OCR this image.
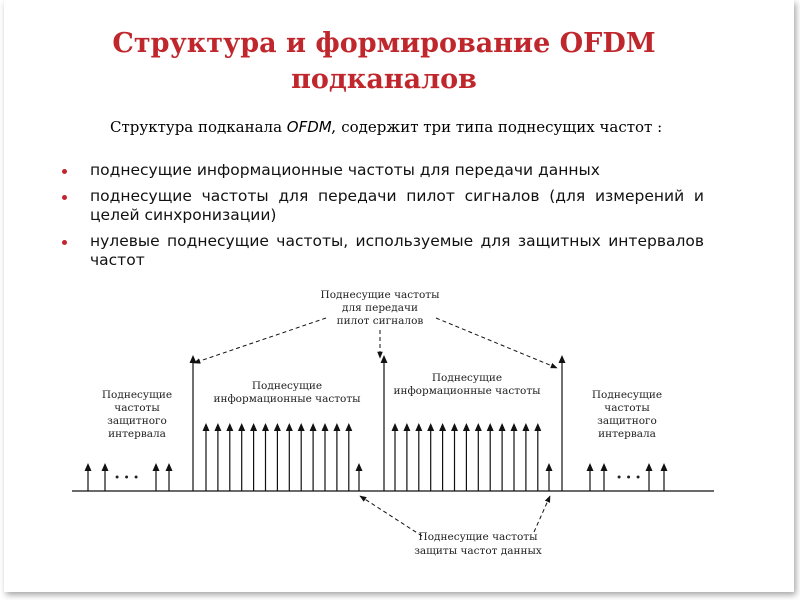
Структура и формирование OFDM
подканалов
Структура подканала OFDM, содержит три типа поднесущих частот :
поднесущие информационные частоты для передачи данных
поднесущие частоты для передачи пилот сигналов (для измерений и целей синхронизации)
нулевые поднесущие частоты, используемые для защитных интервалов частот
• • •	• • •
Поднесущие частоты
для передачи
пилот сигналов
Поднесущие
частоты
защитного
интервала
Поднесущие
информационные частоты
Поднесущие
информационные частоты	Поднесущие
частоты
защитного
интервала
Поднесущие частоты
защиты частот данных
